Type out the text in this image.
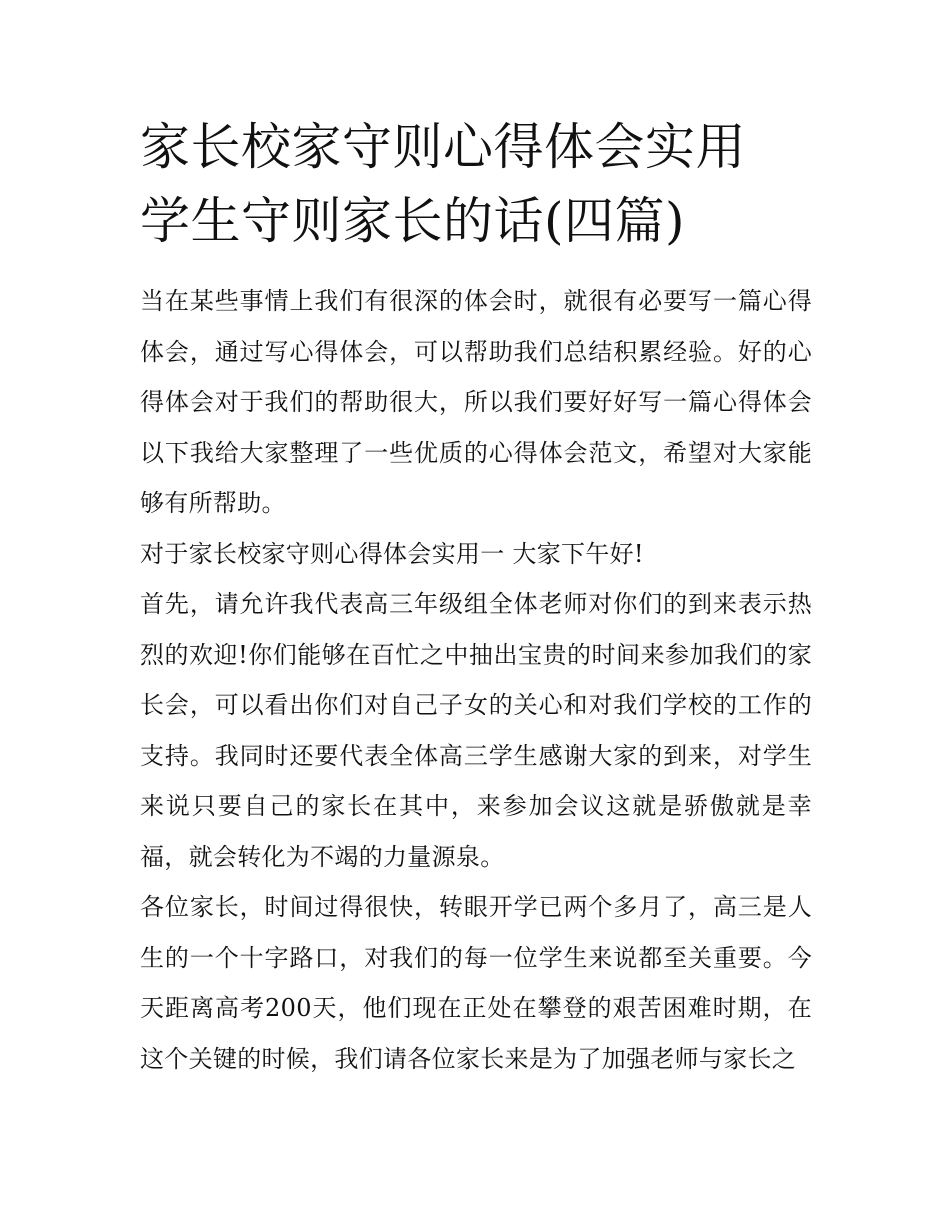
家长校家守则心得体会实用 学生守则家长的话(四篇)

当在某些事情上我们有很深的体会时，就很有必要写一篇心得体会，通过写心得体会，可以帮助我们总结积累经验。好的心得体会对于我们的帮助很大，所以我们要好好写一篇心得体会以下我给大家整理了一些优质的心得体会范文，希望对大家能够有所帮助。

对于家长校家守则心得体会实用一 大家下午好!

首先，请允许我代表高三年级组全体老师对你们的到来表示热烈的欢迎!你们能够在百忙之中抽出宝贵的时间来参加我们的家长会，可以看出你们对自己子女的关心和对我们学校的工作的支持。我同时还要代表全体高三学生感谢大家的到来，对学生来说只要自己的家长在其中，来参加会议这就是骄傲就是幸福，就会转化为不竭的力量源泉。

各位家长，时间过得很快，转眼开学已两个多月了，高三是人生的一个十字路口，对我们的每一位学生来说都至关重要。今天距离高考200天，他们现在正处在攀登的艰苦困难时期，在这个关键的时候，我们请各位家长来是为了加强老师与家长之
